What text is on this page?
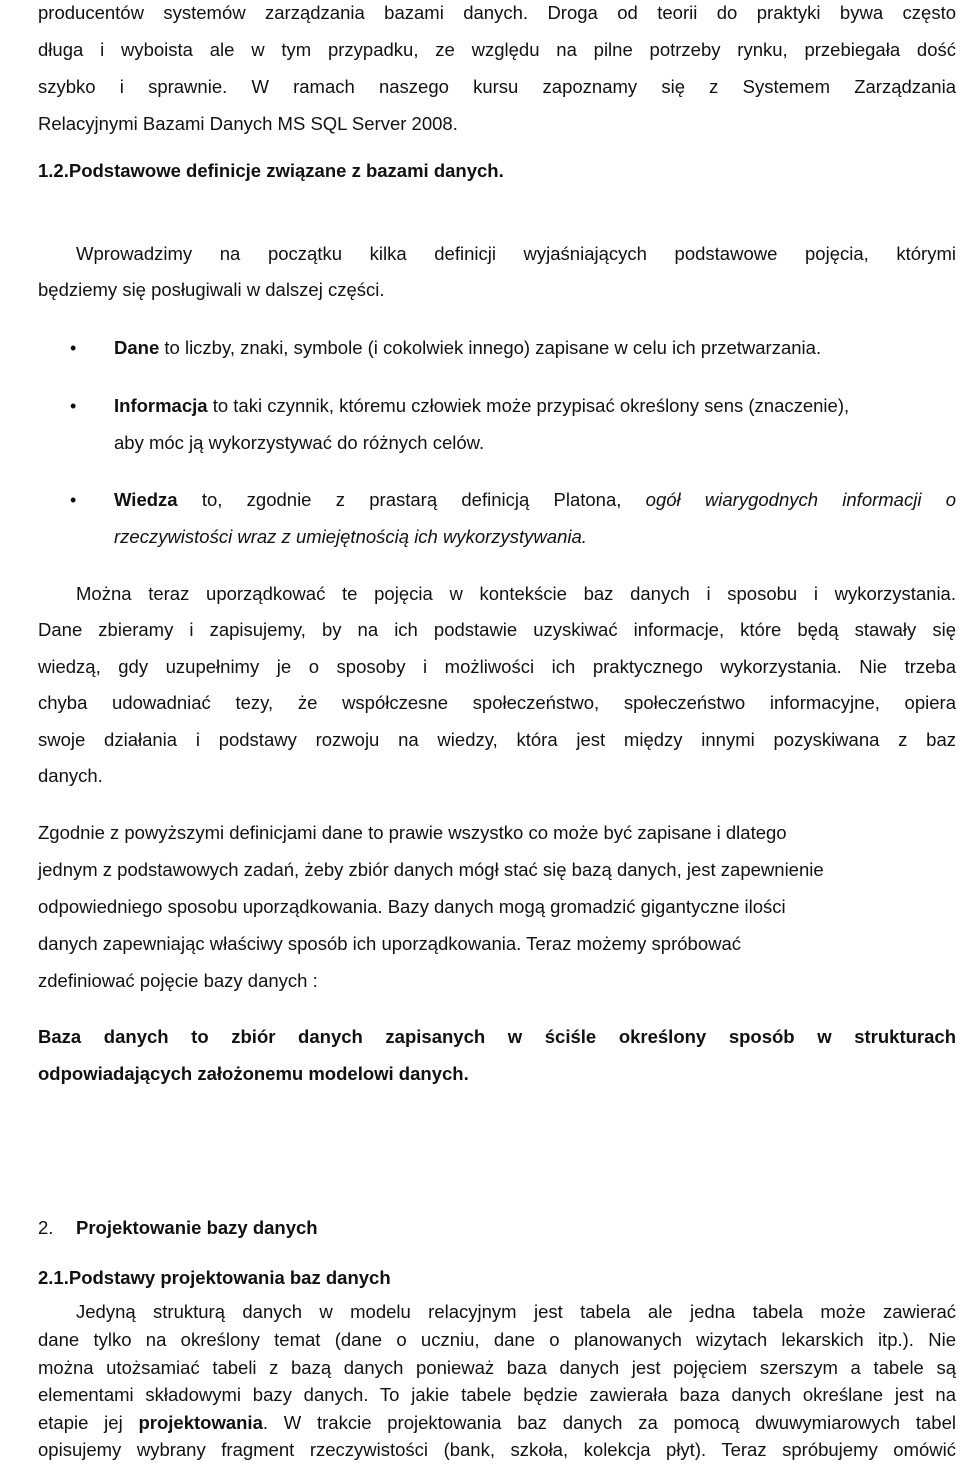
producentów systemów zarządzania bazami danych. Droga od teorii do praktyki bywa często
długa i wyboista ale w tym przypadku, ze względu na pilne potrzeby rynku, przebiegała dość
szybko i sprawnie. W ramach naszego kursu zapoznamy się z Systemem Zarządzania
Relacyjnymi Bazami Danych MS SQL Server 2008.
1.2.Podstawowe definicje związane z bazami danych.
Wprowadzimy na początku kilka definicji wyjaśniających podstawowe pojęcia, którymi
będziemy się posługiwali w dalszej części.
• Dane to liczby, znaki, symbole (i cokolwiek innego) zapisane w celu ich przetwarzania.
• Informacja to taki czynnik, któremu człowiek może przypisać określony sens (znaczenie),
aby móc ją wykorzystywać do różnych celów.
• Wiedza to, zgodnie z prastarą definicją Platona, ogół wiarygodnych informacji o
rzeczywistości wraz z umiejętnością ich wykorzystywania.
Można teraz uporządkować te pojęcia w kontekście baz danych i sposobu i wykorzystania.
Dane zbieramy i zapisujemy, by na ich podstawie uzyskiwać informacje, które będą stawały się
wiedzą, gdy uzupełnimy je o sposoby i możliwości ich praktycznego wykorzystania. Nie trzeba
chyba udowadniać tezy, że współczesne społeczeństwo, społeczeństwo informacyjne, opiera
swoje działania i podstawy rozwoju na wiedzy, która jest między innymi pozyskiwana z baz
danych.
Zgodnie z powyższymi definicjami dane to prawie wszystko co może być zapisane i dlatego
jednym z podstawowych zadań, żeby zbiór danych mógł stać się bazą danych, jest zapewnienie
odpowiedniego sposobu uporządkowania. Bazy danych mogą gromadzić gigantyczne ilości
danych zapewniając właściwy sposób ich uporządkowania. Teraz możemy spróbować
zdefiniować pojęcie bazy danych :
Baza danych to zbiór danych zapisanych w ściśle określony sposób w strukturach
odpowiadających założonemu modelowi danych.
2. Projektowanie bazy danych
2.1.Podstawy projektowania baz danych
Jedyną strukturą danych w modelu relacyjnym jest tabela ale jedna tabela może zawierać
dane tylko na określony temat (dane o uczniu, dane o planowanych wizytach lekarskich itp.). Nie
można utożsamiać tabeli z bazą danych ponieważ baza danych jest pojęciem szerszym a tabele są
elementami składowymi bazy danych. To jakie tabele będzie zawierała baza danych określane jest na
etapie jej projektowania. W trakcie projektowania baz danych za pomocą dwuwymiarowych tabel
opisujemy wybrany fragment rzeczywistości (bank, szkoła, kolekcja płyt). Teraz spróbujemy omówić
